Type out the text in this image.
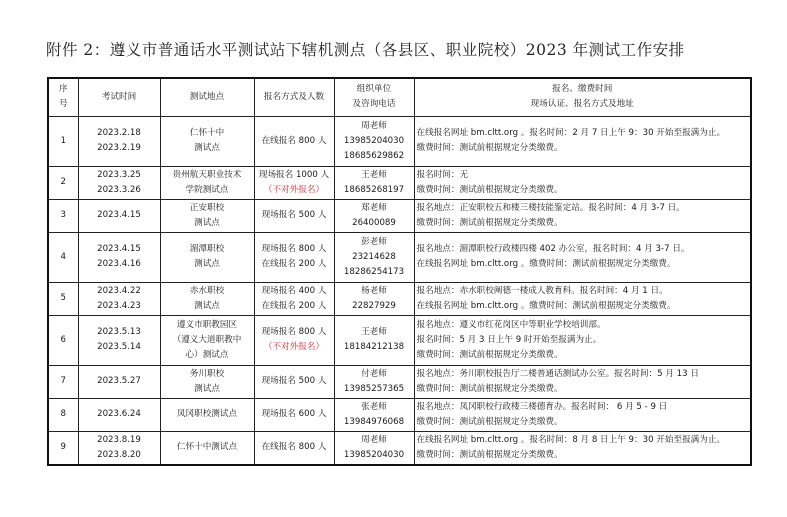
附件 2：遵义市普通话水平测试站下辖机测点（各县区、职业院校）2023 年测试工作安排
序
号	考试时间	测试地点	报名方式及人数	组织单位
及咨询电话	报名、缴费时间
现场认证、报名方式及地址

1	2023.2.18
2023.2.19	仁怀十中
测试点	在线报名 800 人	周老师
13985204030
18685629862	在线报名网址 bm.cltt.org 。报名时间：2 月 7 日上午 9：30 开始至报满为止。
缴费时间：测试前根据规定分类缴费。

2	2023.3.25
2023.3.26	贵州航天职业技术
学院测试点	现场报名 1000 人
（不对外报名）	王老师
18685268197	报名时间：无
缴费时间：测试前根据规定分类缴费。

3	2023.4.15	正安职校
测试点	现场报名 500 人	郑老师
26400089	报名地点：正安职校五和楼三楼技能鉴定站。报名时间：4 月 3-7 日。
缴费时间：测试前根据规定分类缴费。

4	2023.4.15
2023.4.16	湄潭职校
测试点	现场报名 800 人
在线报名 200 人	彭老师
23214628
18286254173	报名地点：湄潭职校行政楼四楼 402 办公室，报名时间：4 月 3-7 日。
在线报名网址 bm.cltt.org 。缴费时间：测试前根据规定分类缴费。

5	2023.4.22
2023.4.23	赤水职校
测试点	现场报名 400 人
在线报名 200 人	杨老师
22827929	报名地点：赤水职校阐德一楼成人教育科。报名时间：4 月 1 日。
在线报名网址 bm.cltt.org 。缴费时间：测试前根据规定分类缴费。

6	2023.5.13
2023.5.14	遵义市职教园区
（遵义大道职教中
心）测试点	现场报名 800 人
（不对外报名）	王老师
18184212138	报名地点：遵义市红花岗区中等职业学校培训部。
报名时间：5 月 3 日上午 9 时开始至报满为止。
缴费时间：测试前根据规定分类缴费。

7	2023.5.27	务川职校
测试点	现场报名 500 人	付老师
13985257365	报名地点：务川职校报告厅二楼普通话测试办公室。报名时间：5 月 13 日
缴费时间：测试前根据规定分类缴费。

8	2023.6.24	凤冈职校测试点	现场报名 600 人	张老师
13984976068	报名地点：凤冈职校行政楼三楼德育办。报名时间： 6 月 5 - 9 日
缴费时间：测试前根据规定分类缴费。

9	2023.8.19
2023.8.20	仁怀十中测试点	在线报名 800 人	周老师
13985204030	在线报名网址 bm.cltt.org 。报名时间：8 月 8 日上午 9：30 开始至报满为止。
缴费时间：测试前根据规定分类缴费。
